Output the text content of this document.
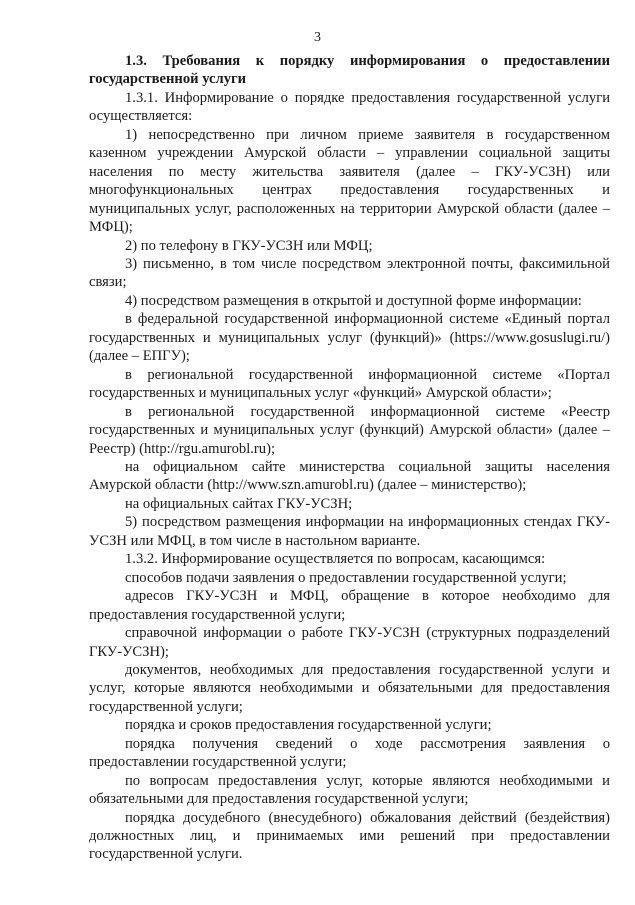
3
1.3. Требования к порядку информирования о предоставлении государственной услуги
1.3.1. Информирование о порядке предоставления государственной услуги осуществляется:
1) непосредственно при личном приеме заявителя в государственном казенном учреждении Амурской области – управлении социальной защиты населения по месту жительства заявителя (далее – ГКУ-УСЗН) или многофункциональных центрах предоставления государственных и муниципальных услуг, расположенных на территории Амурской области (далее – МФЦ);
2) по телефону в ГКУ-УСЗН или МФЦ;
3) письменно, в том числе посредством электронной почты, факсимильной связи;
4) посредством размещения в открытой и доступной форме информации:
в федеральной государственной информационной системе «Единый портал государственных и муниципальных услуг (функций)» (https://www.gosuslugi.ru/) (далее – ЕПГУ);
в региональной государственной информационной системе «Портал государственных и муниципальных услуг «функций» Амурской области»;
в региональной государственной информационной системе «Реестр государственных и муниципальных услуг (функций) Амурской области» (далее – Реестр) (http://rgu.amurobl.ru);
на официальном сайте министерства социальной защиты населения Амурской области (http://www.szn.amurobl.ru) (далее – министерство);
на официальных сайтах ГКУ-УСЗН;
5) посредством размещения информации на информационных стендах ГКУ-УСЗН или МФЦ, в том числе в настольном варианте.
1.3.2. Информирование осуществляется по вопросам, касающимся:
способов подачи заявления о предоставлении государственной услуги;
адресов ГКУ-УСЗН и МФЦ, обращение в которое необходимо для предоставления государственной услуги;
справочной информации о работе ГКУ-УСЗН (структурных подразделений ГКУ-УСЗН);
документов, необходимых для предоставления государственной услуги и услуг, которые являются необходимыми и обязательными для предоставления государственной услуги;
порядка и сроков предоставления государственной услуги;
порядка получения сведений о ходе рассмотрения заявления о предоставлении государственной услуги;
по вопросам предоставления услуг, которые являются необходимыми и обязательными для предоставления государственной услуги;
порядка досудебного (внесудебного) обжалования действий (бездействия) должностных лиц, и принимаемых ими решений при предоставлении государственной услуги.
